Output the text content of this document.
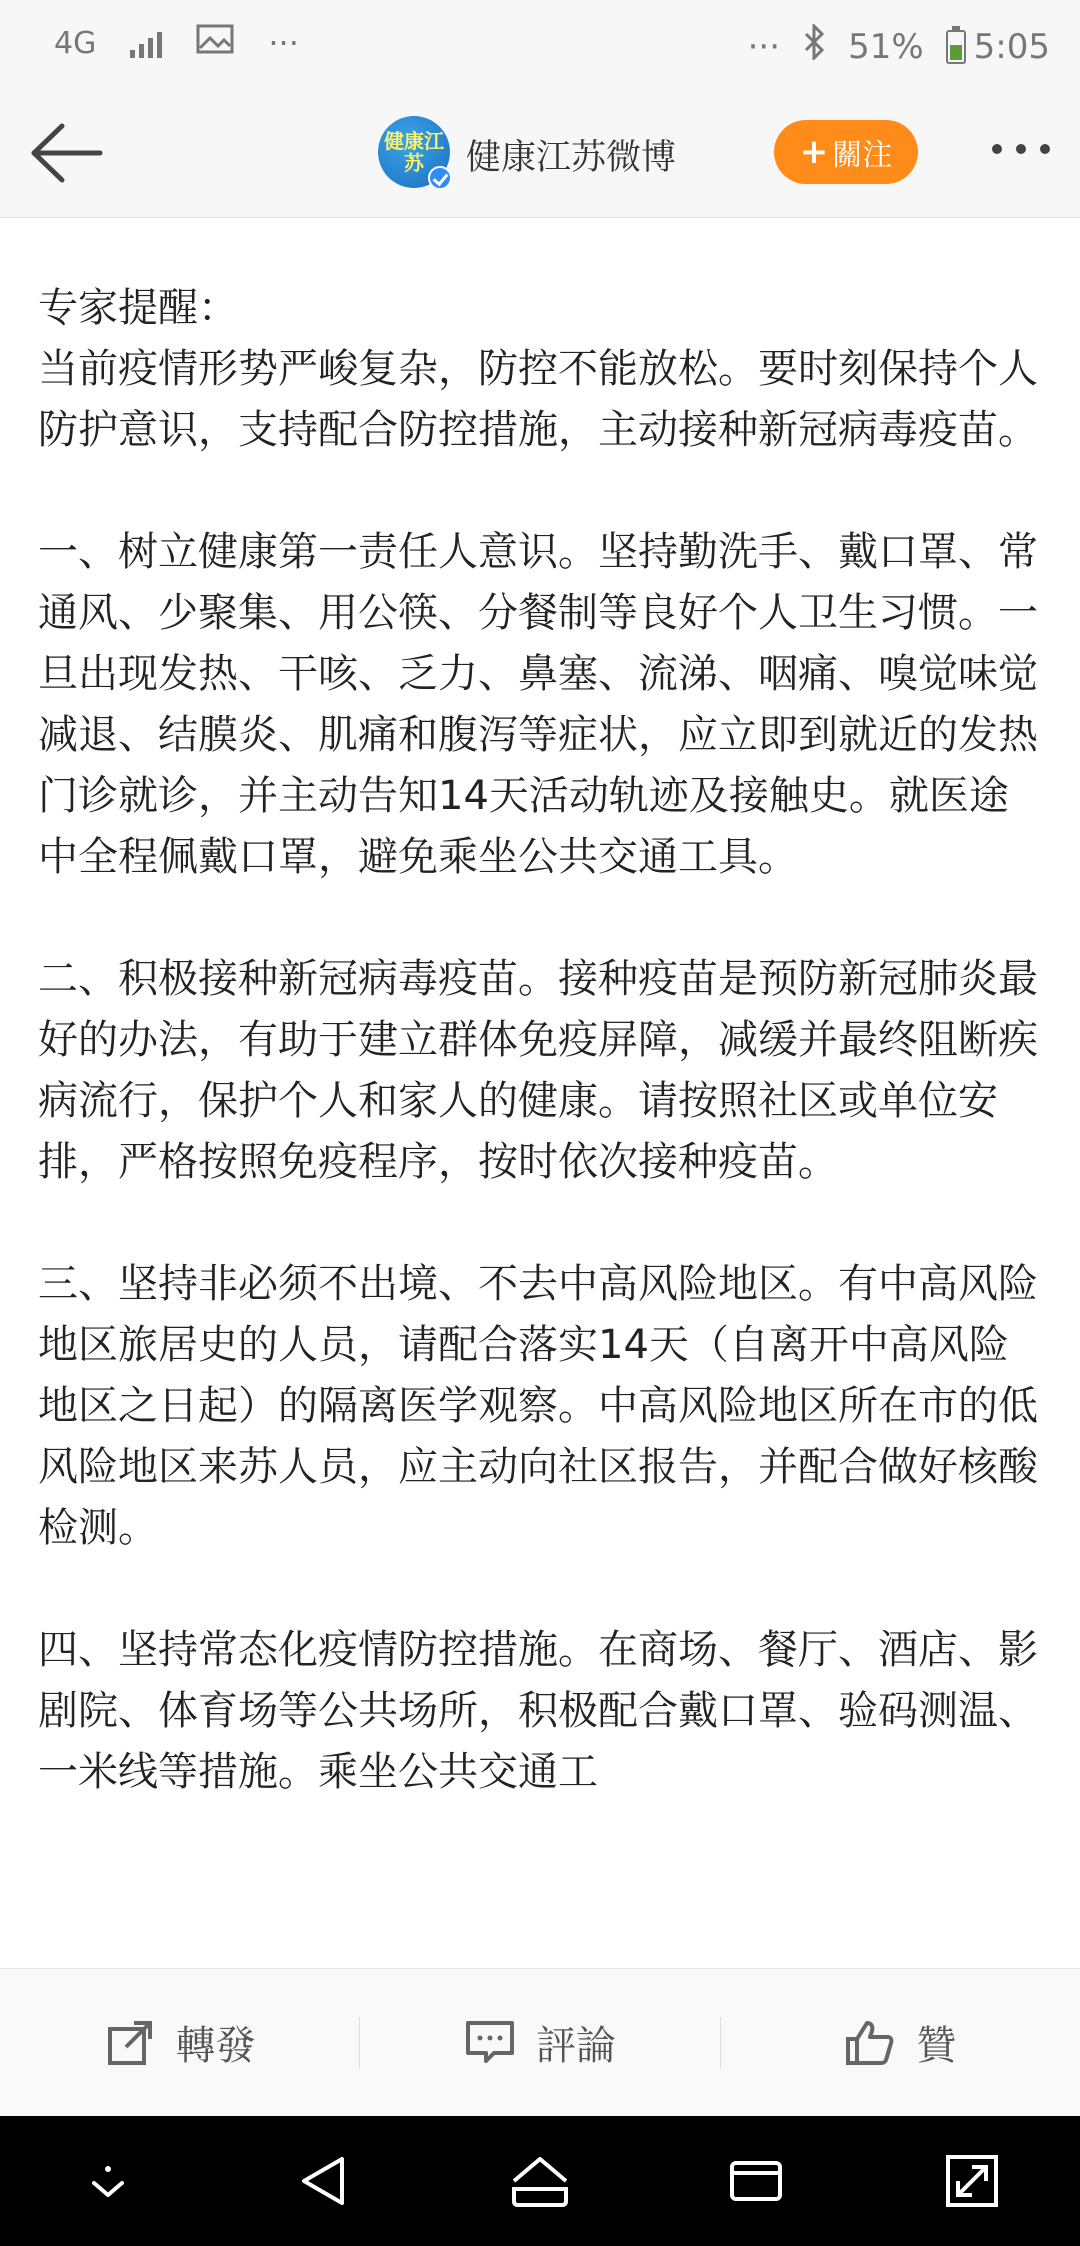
4G	···	··· 51% 5:05
健康江苏	健康江苏微博	+ 關注

专家提醒：
当前疫情形势严峻复杂，防控不能放松。要时刻保持个人防护意识，支持配合防控措施，主动接种新冠病毒疫苗。

一、树立健康第一责任人意识。坚持勤洗手、戴口罩、常通风、少聚集、用公筷、分餐制等良好个人卫生习惯。一旦出现发热、干咳、乏力、鼻塞、流涕、咽痛、嗅觉味觉减退、结膜炎、肌痛和腹泻等症状，应立即到就近的发热门诊就诊，并主动告知14天活动轨迹及接触史。就医途中全程佩戴口罩，避免乘坐公共交通工具。

二、积极接种新冠病毒疫苗。接种疫苗是预防新冠肺炎最好的办法，有助于建立群体免疫屏障，减缓并最终阻断疾病流行，保护个人和家人的健康。请按照社区或单位安排，严格按照免疫程序，按时依次接种疫苗。

三、坚持非必须不出境、不去中高风险地区。有中高风险地区旅居史的人员，请配合落实14天（自离开中高风险地区之日起）的隔离医学观察。中高风险地区所在市的低风险地区来苏人员，应主动向社区报告，并配合做好核酸检测。

四、坚持常态化疫情防控措施。在商场、餐厅、酒店、影剧院、体育场等公共场所，积极配合戴口罩、验码测温、一米线等措施。乘坐公共交通工

轉發	評論	贊
